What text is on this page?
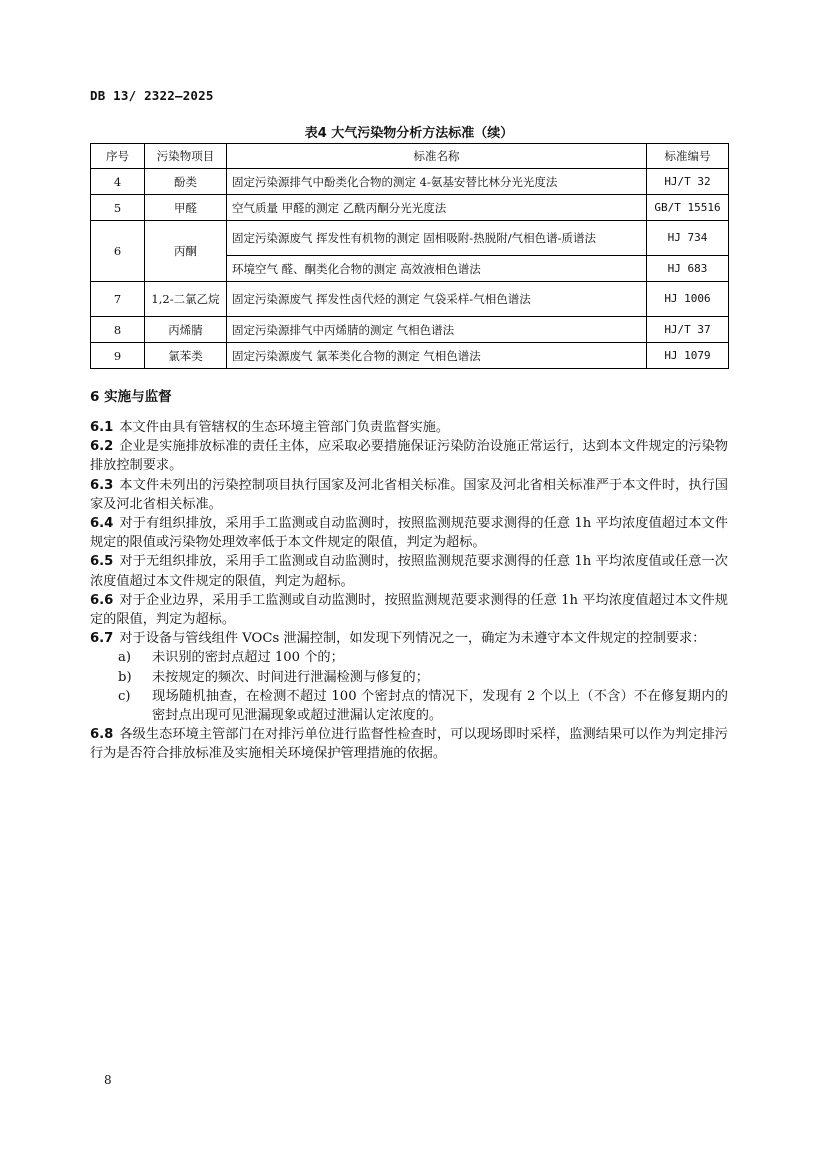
DB 13/ 2322—2025
表4 大气污染物分析方法标准（续）
序号	污染物项目	标准名称	标准编号
4	酚类	固定污染源排气中酚类化合物的测定 4-氨基安替比林分光光度法	HJ/T 32
5	甲醛	空气质量 甲醛的测定 乙酰丙酮分光光度法	GB/T 15516
6	丙酮	固定污染源废气 挥发性有机物的测定 固相吸附-热脱附/气相色谱-质谱法	HJ 734
		环境空气 醛、酮类化合物的测定 高效液相色谱法	HJ 683
7	1,2-二氯乙烷	固定污染源废气 挥发性卤代烃的测定 气袋采样-气相色谱法	HJ 1006
8	丙烯腈	固定污染源排气中丙烯腈的测定 气相色谱法	HJ/T 37
9	氯苯类	固定污染源废气 氯苯类化合物的测定 气相色谱法	HJ 1079
6 实施与监督

6.1 本文件由具有管辖权的生态环境主管部门负责监督实施。

6.2 企业是实施排放标准的责任主体，应采取必要措施保证污染防治设施正常运行，达到本文件规定的污染物排放控制要求。

6.3 本文件未列出的污染控制项目执行国家及河北省相关标准。国家及河北省相关标准严于本文件时，执行国家及河北省相关标准。

6.4 对于有组织排放，采用手工监测或自动监测时，按照监测规范要求测得的任意 1h 平均浓度值超过本文件规定的限值或污染物处理效率低于本文件规定的限值，判定为超标。

6.5 对于无组织排放，采用手工监测或自动监测时，按照监测规范要求测得的任意 1h 平均浓度值或任意一次浓度值超过本文件规定的限值，判定为超标。

6.6 对于企业边界，采用手工监测或自动监测时，按照监测规范要求测得的任意 1h 平均浓度值超过本文件规定的限值，判定为超标。

6.7 对于设备与管线组件 VOCs 泄漏控制，如发现下列情况之一，确定为未遵守本文件规定的控制要求：

a)	未识别的密封点超过 100 个的；
b)	未按规定的频次、时间进行泄漏检测与修复的；
c)	现场随机抽查，在检测不超过 100 个密封点的情况下，发现有 2 个以上（不含）不在修复期内的密封点出现可见泄漏现象或超过泄漏认定浓度的。

6.8 各级生态环境主管部门在对排污单位进行监督性检查时，可以现场即时采样，监测结果可以作为判定排污行为是否符合排放标准及实施相关环境保护管理措施的依据。

8
